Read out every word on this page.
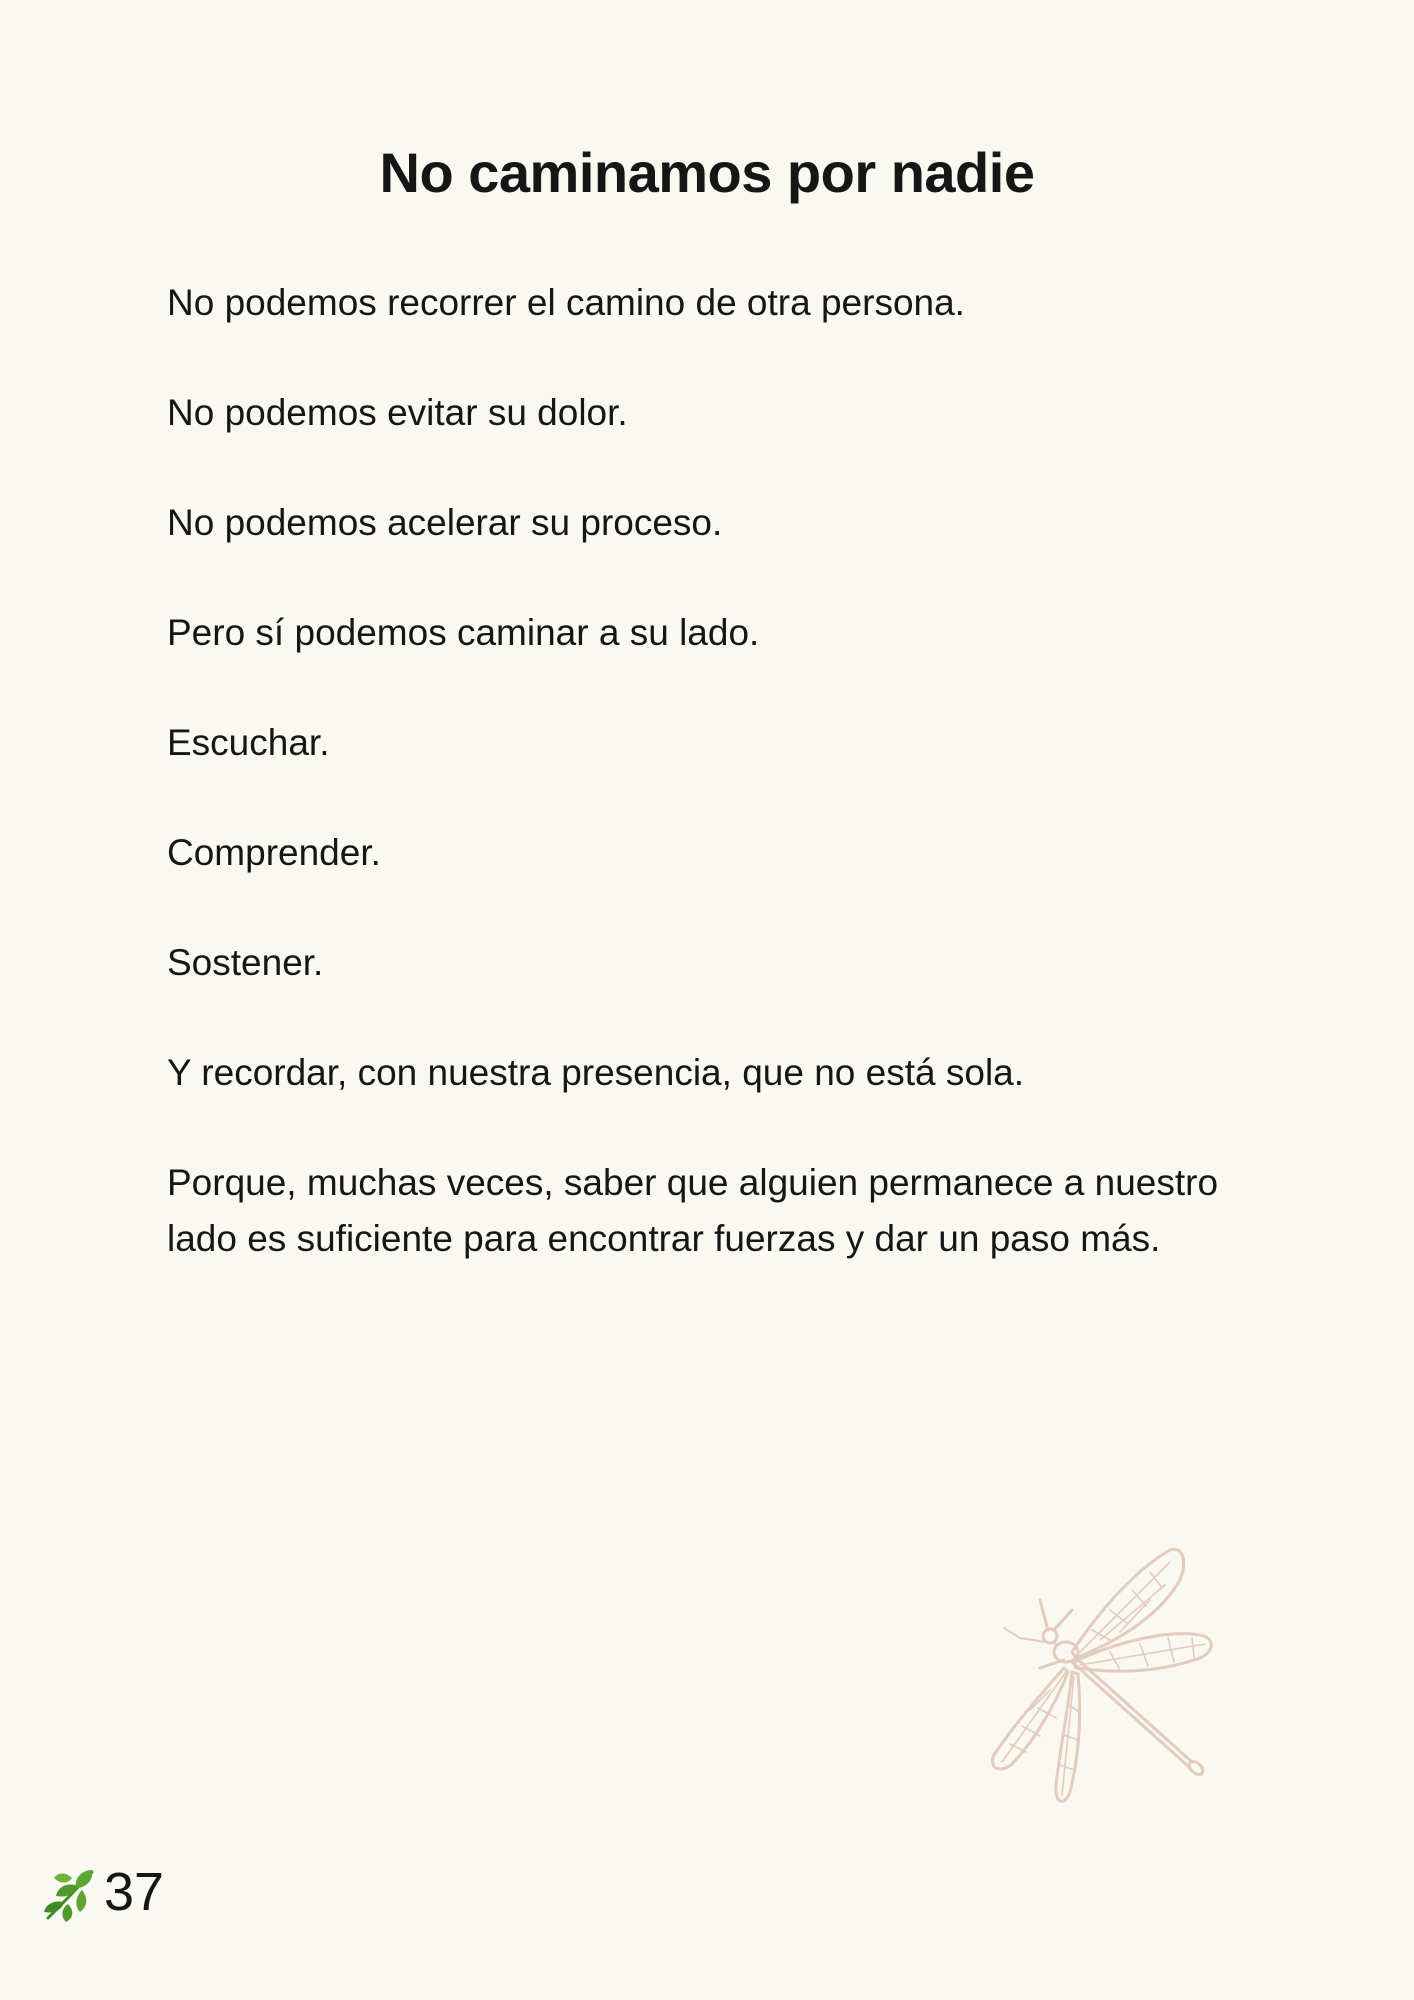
No caminamos por nadie

No podemos recorrer el camino de otra persona.

No podemos evitar su dolor.

No podemos acelerar su proceso.

Pero sí podemos caminar a su lado.

Escuchar.

Comprender.

Sostener.

Y recordar, con nuestra presencia, que no está sola.

Porque, muchas veces, saber que alguien permanece a nuestro lado es suficiente para encontrar fuerzas y dar un paso más.

37
